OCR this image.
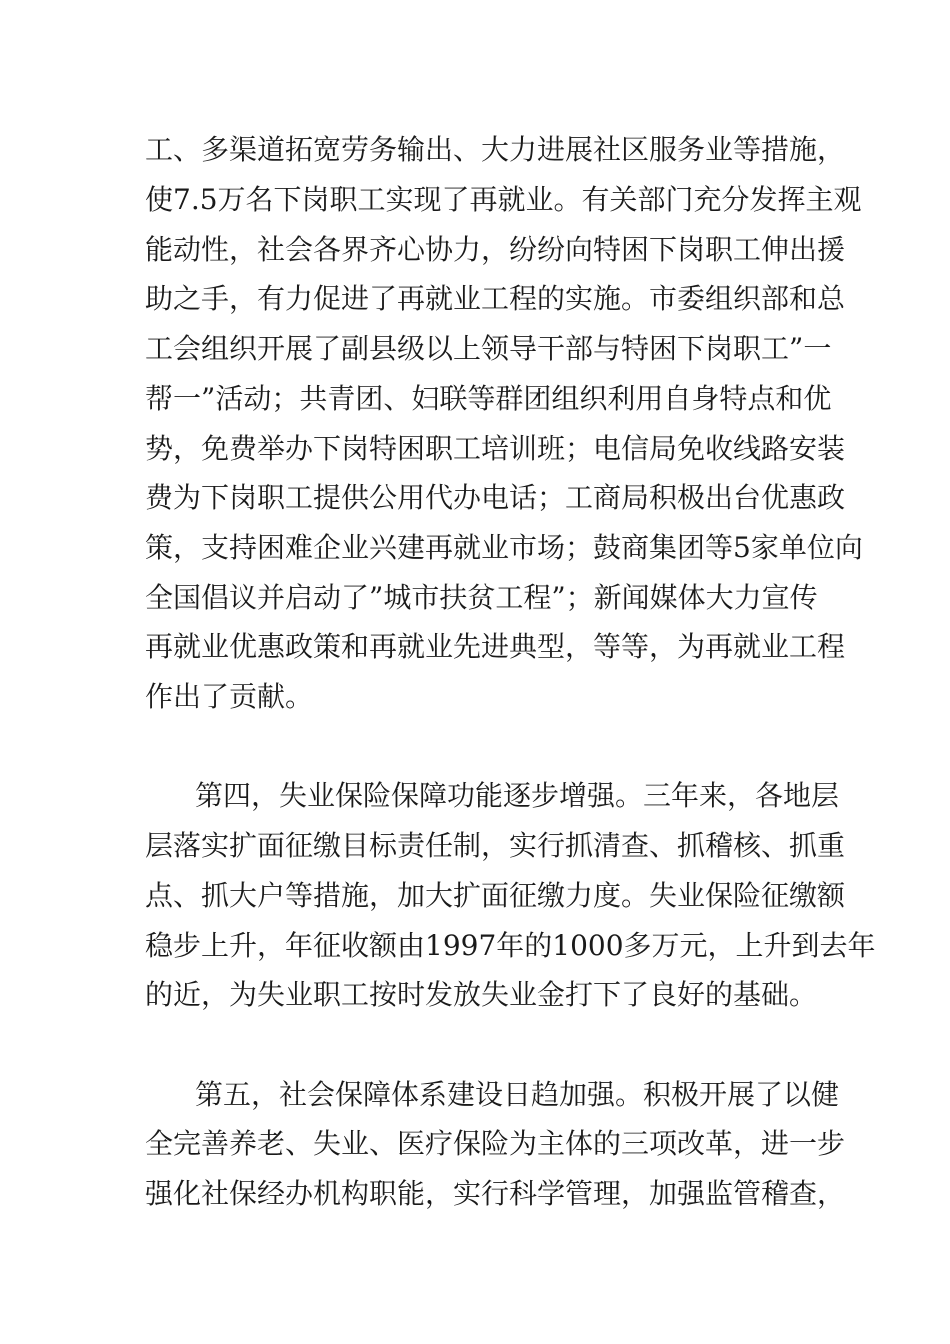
工、多渠道拓宽劳务输出、大力进展社区服务业等措施，
使7.5万名下岗职工实现了再就业。有关部门充分发挥主观
能动性，社会各界齐心协力，纷纷向特困下岗职工伸出援
助之手，有力促进了再就业工程的实施。市委组织部和总
工会组织开展了副县级以上领导干部与特困下岗职工”一
帮一”活动；共青团、妇联等群团组织利用自身特点和优
势，免费举办下岗特困职工培训班；电信局免收线路安装
费为下岗职工提供公用代办电话；工商局积极出台优惠政
策，支持困难企业兴建再就业市场；鼓商集团等5家单位向
全国倡议并启动了”城市扶贫工程”；新闻媒体大力宣传
再就业优惠政策和再就业先进典型，等等，为再就业工程
作出了贡献。
第四，失业保险保障功能逐步增强。三年来，各地层
层落实扩面征缴目标责任制，实行抓清查、抓稽核、抓重
点、抓大户等措施，加大扩面征缴力度。失业保险征缴额
稳步上升，年征收额由1997年的1000多万元，上升到去年
的近，为失业职工按时发放失业金打下了良好的基础。
第五，社会保障体系建设日趋加强。积极开展了以健
全完善养老、失业、医疗保险为主体的三项改革，进一步
强化社保经办机构职能，实行科学管理，加强监管稽查，
